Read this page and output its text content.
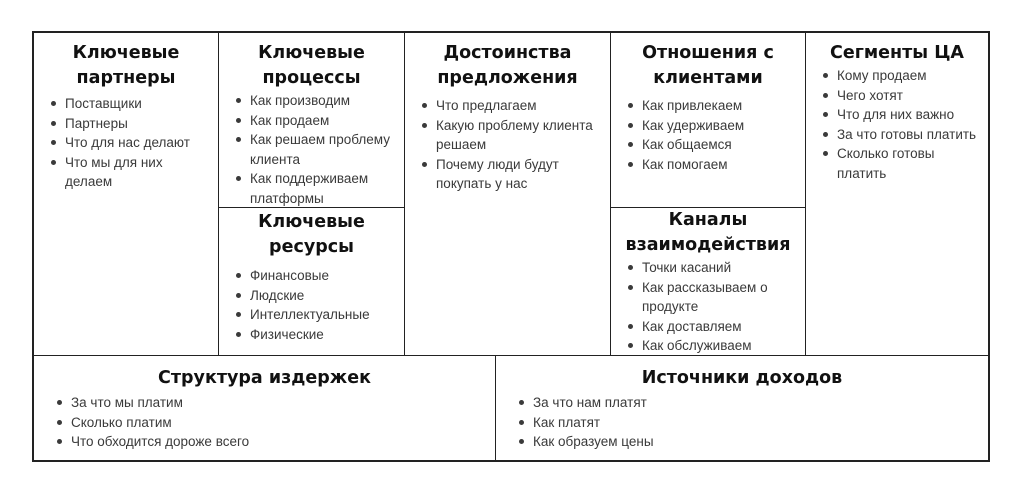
Ключевые партнеры
Поставщики
Партнеры
Что для нас делают
Что мы для них делаем
Ключевые процессы
Как производим
Как продаем
Как решаем проблему клиента
Как поддерживаем платформы
Ключевые ресурсы
Финансовые
Людские
Интеллектуальные
Физические
Достоинства предложения
Что предлагаем
Какую проблему клиента решаем
Почему люди будут покупать у нас
Отношения с клиентами
Как привлекаем
Как удерживаем
Как общаемся
Как помогаем
Каналы взаимодействия
Точки касаний
Как рассказываем о продукте
Как доставляем
Как обслуживаем
Сегменты ЦА
Кому продаем
Чего хотят
Что для них важно
За что готовы платить
Сколько готовы платить
Структура издержек
За что мы платим
Сколько платим
Что обходится дороже всего
Источники доходов
За что нам платят
Как платят
Как образуем цены
